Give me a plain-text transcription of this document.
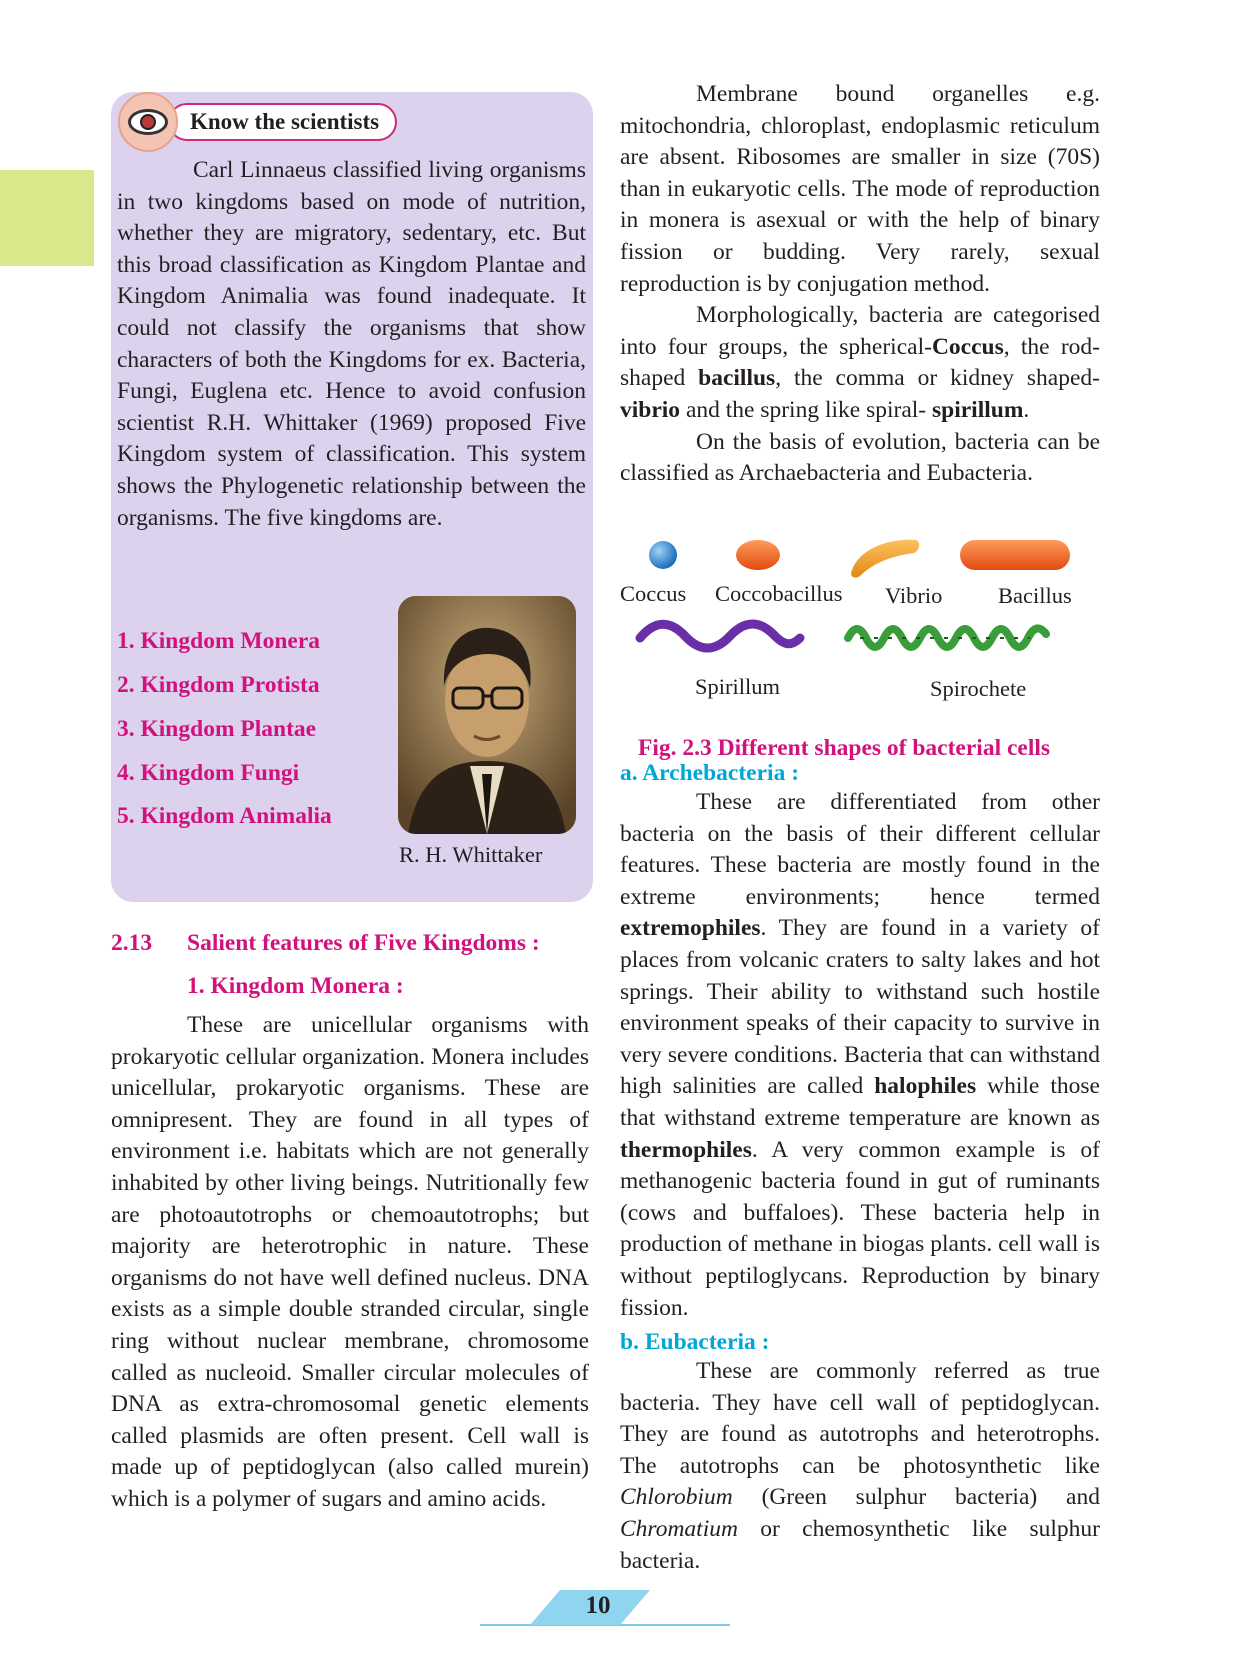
Know the scientists

Carl Linnaeus classified living organisms in two kingdoms based on mode of nutrition, whether they are migratory, sedentary, etc. But this broad classification as Kingdom Plantae and Kingdom Animalia was found inadequate. It could not classify the organisms that show characters of both the Kingdoms for ex. Bacteria, Fungi, Euglena etc. Hence to avoid confusion scientist R.H. Whittaker (1969) proposed Five Kingdom system of classification. This system shows the Phylogenetic relationship between the organisms. The five kingdoms are.

1. Kingdom Monera
2. Kingdom Protista
3. Kingdom Plantae
4. Kingdom Fungi
5. Kingdom Animalia
R. H. Whittaker
2.13 Salient features of Five Kingdoms :
1. Kingdom Monera :

These are unicellular organisms with prokaryotic cellular organization. Monera includes unicellular, prokaryotic organisms. These are omnipresent. They are found in all types of environment i.e. habitats which are not generally inhabited by other living beings. Nutritionally few are photoautotrophs or chemoautotrophs; but majority are heterotrophic in nature. These organisms do not have well defined nucleus. DNA exists as a simple double stranded circular, single ring without nuclear membrane, chromosome called as nucleoid. Smaller circular molecules of DNA as extra-chromosomal genetic elements called plasmids are often present. Cell wall is made up of peptidoglycan (also called murein) which is a polymer of sugars and amino acids.

Membrane bound organelles e.g. mitochondria, chloroplast, endoplasmic reticulum are absent. Ribosomes are smaller in size (70S) than in eukaryotic cells. The mode of reproduction in monera is asexual or with the help of binary fission or budding. Very rarely, sexual reproduction is by conjugation method.

Morphologically, bacteria are categorised into four groups, the spherical-Coccus, the rod-shaped bacillus, the comma or kidney shaped- vibrio and the spring like spiral- spirillum.

On the basis of evolution, bacteria can be classified as Archaebacteria and Eubacteria.

Coccus Coccobacillus Vibrio Bacillus
Spirillum	Spirochete
Fig. 2.3 Different shapes of bacterial cells
a. Archebacteria :

These are differentiated from other bacteria on the basis of their different cellular features. These bacteria are mostly found in the extreme environments; hence termed extremophiles. They are found in a variety of places from volcanic craters to salty lakes and hot springs. Their ability to withstand such hostile environment speaks of their capacity to survive in very severe conditions. Bacteria that can withstand high salinities are called halophiles while those that withstand extreme temperature are known as thermophiles. A very common example is of methanogenic bacteria found in gut of ruminants (cows and buffaloes). These bacteria help in production of methane in biogas plants. cell wall is without peptiloglycans. Reproduction by binary fission.

b. Eubacteria :

These are commonly referred as true bacteria. They have cell wall of peptidoglycan. They are found as autotrophs and heterotrophs. The autotrophs can be photosynthetic like Chlorobium (Green sulphur bacteria) and Chromatium or chemosynthetic like sulphur bacteria.

10
